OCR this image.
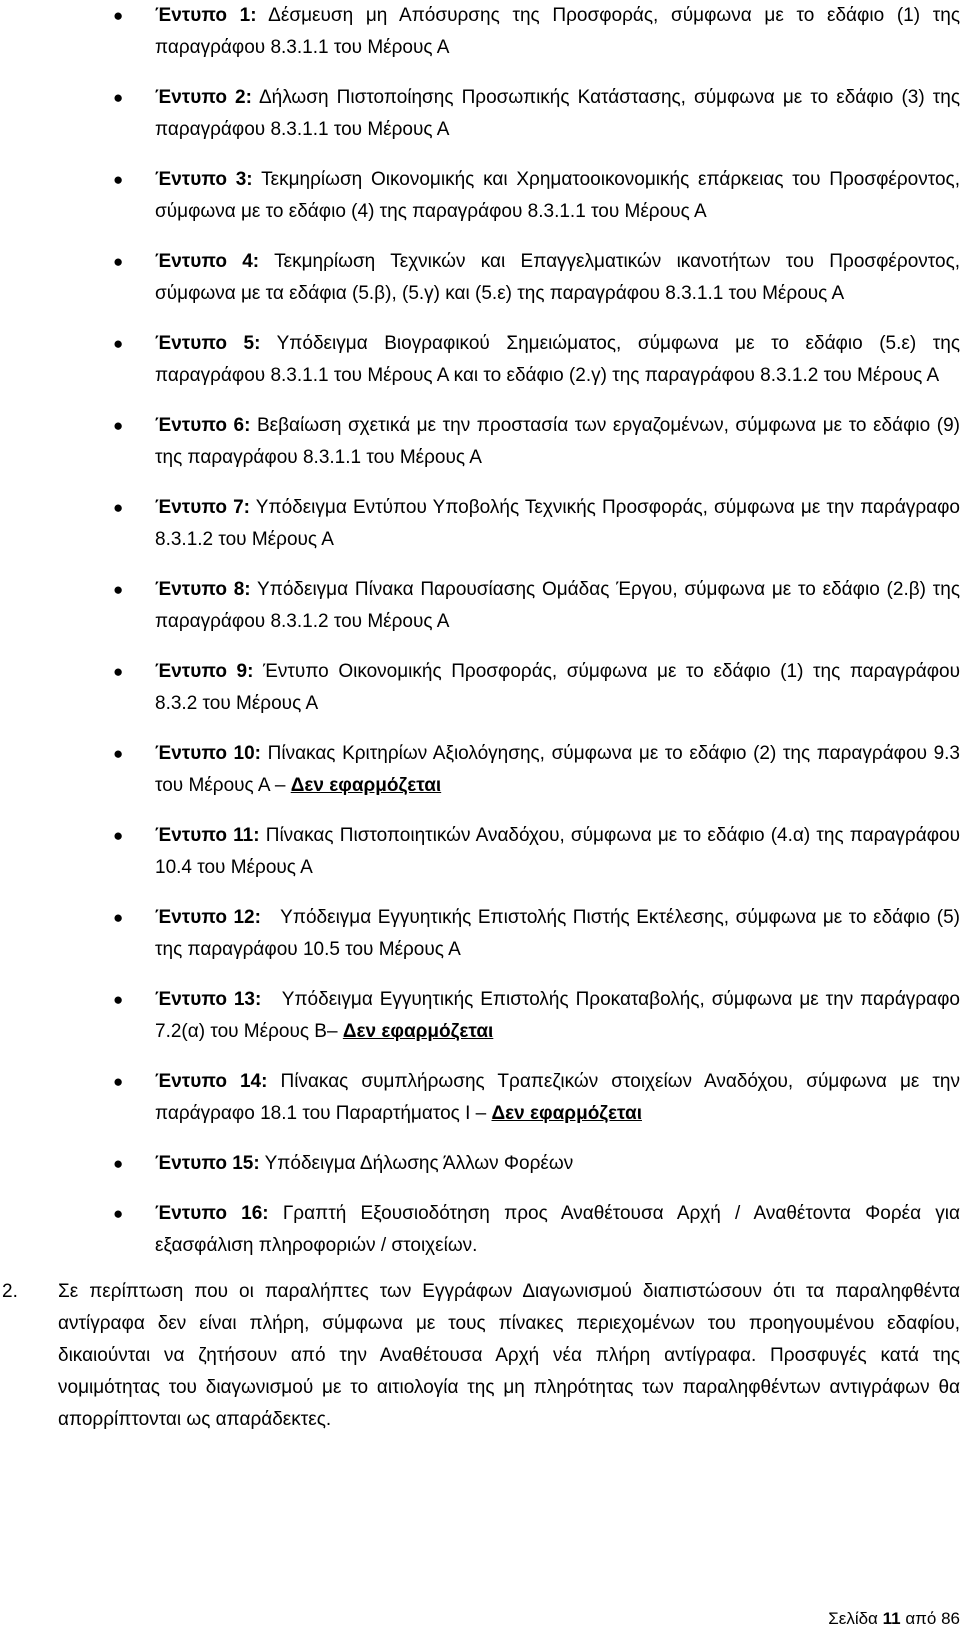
● Έντυπο 1: Δέσμευση μη Απόσυρσης της Προσφοράς, σύμφωνα με το εδάφιο (1) της παραγράφου 8.3.1.1 του Μέρους Α
● Έντυπο 2: Δήλωση Πιστοποίησης Προσωπικής Κατάστασης, σύμφωνα με το εδάφιο (3) της παραγράφου 8.3.1.1 του Μέρους Α
● Έντυπο 3: Τεκμηρίωση Οικονομικής και Χρηματοοικονομικής επάρκειας του Προσφέροντος, σύμφωνα με το εδάφιο (4) της παραγράφου 8.3.1.1 του Μέρους Α
● Έντυπο 4: Τεκμηρίωση Τεχνικών και Επαγγελματικών ικανοτήτων του Προσφέροντος, σύμφωνα με τα εδάφια (5.β), (5.γ) και (5.ε) της παραγράφου 8.3.1.1 του Μέρους Α
● Έντυπο 5: Υπόδειγμα Βιογραφικού Σημειώματος, σύμφωνα με το εδάφιο (5.ε) της παραγράφου 8.3.1.1 του Μέρους Α και το εδάφιο (2.γ) της παραγράφου 8.3.1.2 του Μέρους Α
● Έντυπο 6: Βεβαίωση σχετικά με την προστασία των εργαζομένων, σύμφωνα με το εδάφιο (9) της παραγράφου 8.3.1.1 του Μέρους Α
● Έντυπο 7: Υπόδειγμα Εντύπου Υποβολής Τεχνικής Προσφοράς, σύμφωνα με την παράγραφο 8.3.1.2 του Μέρους Α
● Έντυπο 8: Υπόδειγμα Πίνακα Παρουσίασης Ομάδας Έργου, σύμφωνα με το εδάφιο (2.β) της παραγράφου 8.3.1.2 του Μέρους Α
● Έντυπο 9: Έντυπο Οικονομικής Προσφοράς, σύμφωνα με το εδάφιο (1) της παραγράφου 8.3.2 του Μέρους Α
● Έντυπο 10: Πίνακας Κριτηρίων Αξιολόγησης, σύμφωνα με το εδάφιο (2) της παραγράφου 9.3 του Μέρους Α – Δεν εφαρμόζεται
● Έντυπο 11: Πίνακας Πιστοποιητικών Αναδόχου, σύμφωνα με το εδάφιο (4.α) της παραγράφου 10.4 του Μέρους Α
● Έντυπο 12:   Υπόδειγμα Εγγυητικής Επιστολής Πιστής Εκτέλεσης, σύμφωνα με το εδάφιο (5) της παραγράφου 10.5 του Μέρους Α
● Έντυπο 13:   Υπόδειγμα Εγγυητικής Επιστολής Προκαταβολής, σύμφωνα με την παράγραφο 7.2(α) του Μέρους Β– Δεν εφαρμόζεται
● Έντυπο 14: Πίνακας συμπλήρωσης Τραπεζικών στοιχείων Αναδόχου, σύμφωνα με την παράγραφο 18.1 του Παραρτήματος Ι – Δεν εφαρμόζεται
● Έντυπο 15: Υπόδειγμα Δήλωσης Άλλων Φορέων
● Έντυπο 16: Γραπτή Εξουσιοδότηση προς Αναθέτουσα Αρχή / Αναθέτοντα Φορέα για εξασφάλιση πληροφοριών / στοιχείων.
2. Σε περίπτωση που οι παραλήπτες των Εγγράφων Διαγωνισμού διαπιστώσουν ότι τα παραληφθέντα αντίγραφα δεν είναι πλήρη, σύμφωνα με τους πίνακες περιεχομένων του προηγουμένου εδαφίου, δικαιούνται να ζητήσουν από την Αναθέτουσα Αρχή νέα πλήρη αντίγραφα. Προσφυγές κατά της νομιμότητας του διαγωνισμού με το αιτιολογία της μη πληρότητας των παραληφθέντων αντιγράφων θα απορρίπτονται ως απαράδεκτες.
Σελίδα 11 από 86
